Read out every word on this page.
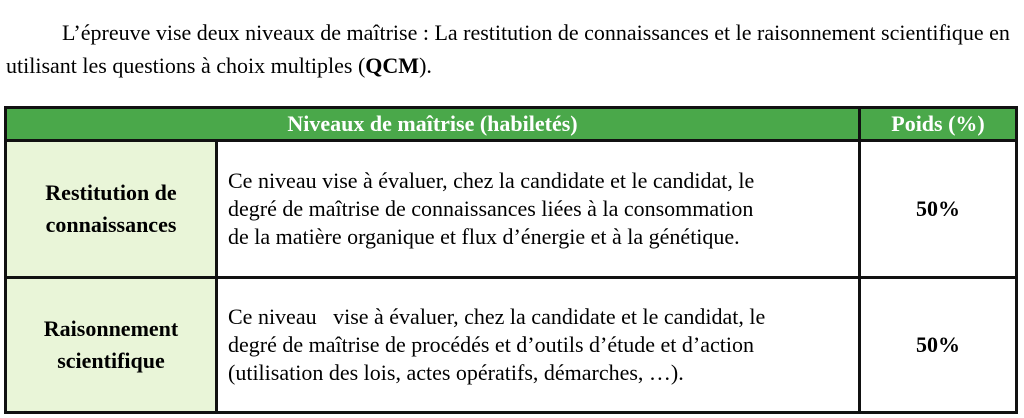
L’épreuve vise deux niveaux de maîtrise : La restitution de connaissances et le raisonnement scientifique en utilisant les questions à choix multiples (QCM).

Niveaux de maîtrise (habiletés)		Poids (%)
Restitution de
connaissances	Ce niveau vise à évaluer, chez la candidate et le candidat, le
degré de maîtrise de connaissances liées à la consommation
de la matière organique et flux d’énergie et à la génétique.	50%
Raisonnement
scientifique	Ce niveau   vise à évaluer, chez la candidate et le candidat, le
degré de maîtrise de procédés et d’outils d’étude et d’action
(utilisation des lois, actes opératifs, démarches, …).	50%
